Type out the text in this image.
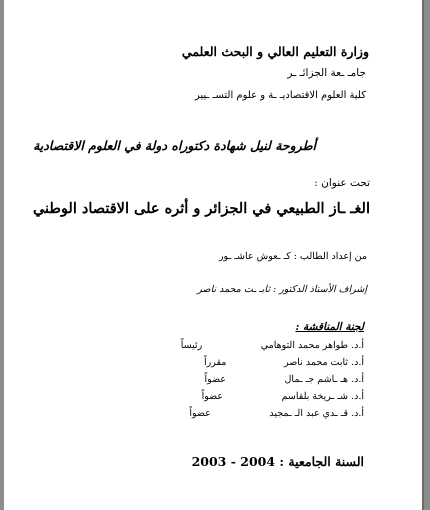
وزارة التعليم العالي و البحث العلمي
جامـ ـعة الجزائـ ـر
كلية العلوم الاقتصاديـ ـة و علوم التسـ ـيير
أطروحة لنيل شهادة دكتوراه دولة في العلوم الاقتصادية
تحت عنوان :
الغـ ـاز الطبيعي في الجزائر و أثره على الاقتصاد الوطني
من إعداد الطالب : كـ ـعوش عاشـ ـور
إشراف الأستاذ الدكتور : ثابـ ـت محمد ناصر
لجنة المناقشة :
أ.د. طواهر محمد التوهامي
رئيساً
أ.د. ثابت محمد ناصر
مقرراً
أ.د. هـ ـاشم جـ ـمال
عضواً
أ.د. شـ ـريخة بلقاسم
عضواً
أ.د. قـ ـدي عبد الـ ـمجيد
عضواً
السنة الجامعية : 2003 - 2004
